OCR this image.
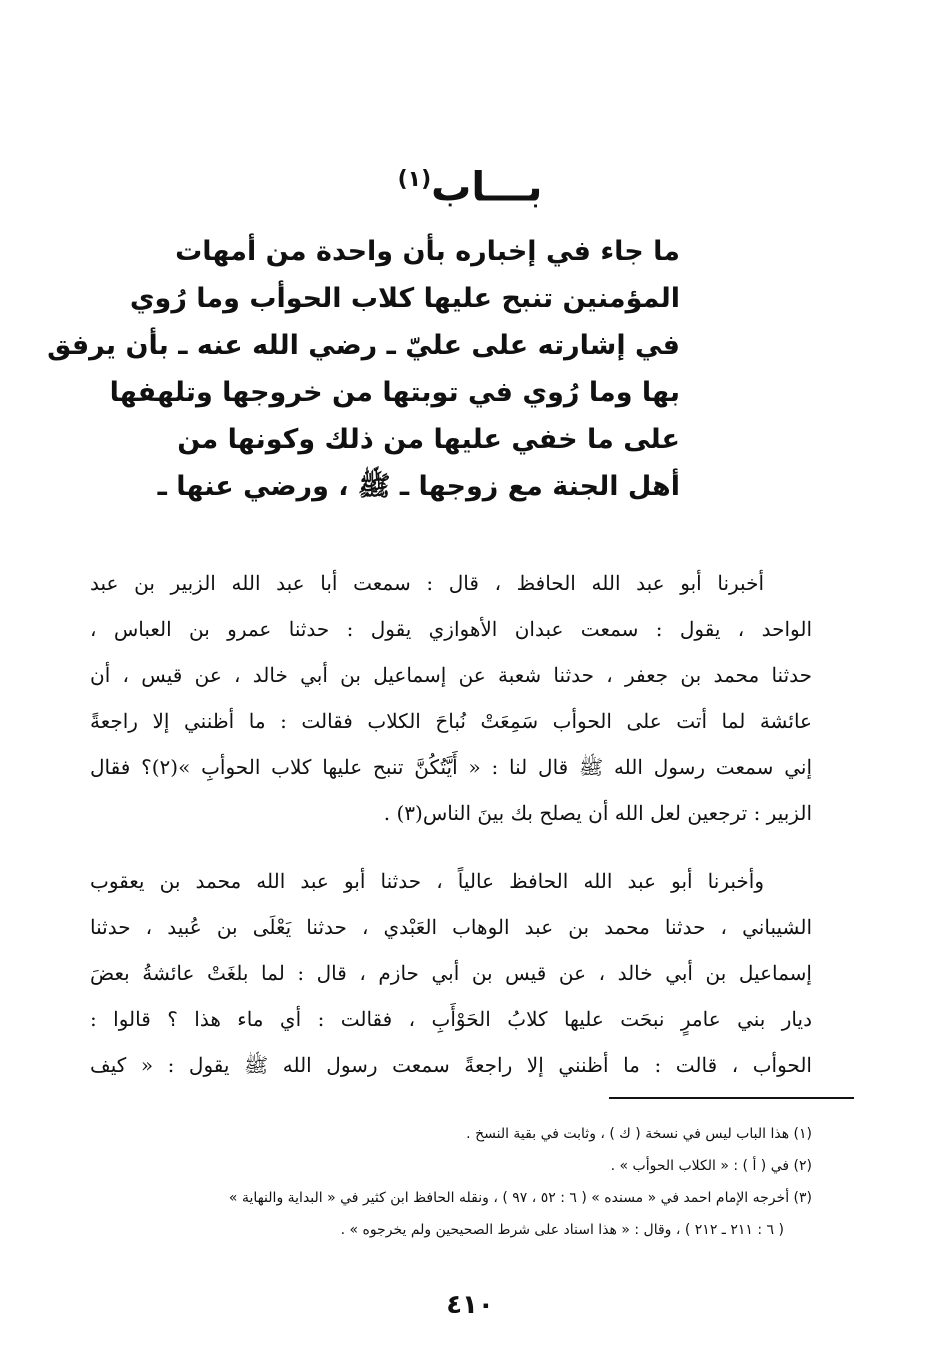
بـــاب$^{(١)}$
ما جاء في إخباره بأن واحدة من أمهات
المؤمنين تنبح عليها كلاب الحوأب وما رُوي
في إشارته على عليّ ـ رضي الله عنه ـ بأن يرفق
بها وما رُوي في توبتها من خروجها وتلهفها
على ما خفي عليها من ذلك وكونها من
أهل الجنة مع زوجها ـ ﷺ ، ورضي عنها ـ
أخبرنا أبو عبد الله الحافظ ، قال : سمعت أبا عبد الله الزبير بن عبد
الواحد ، يقول : سمعت عبدان الأهوازي يقول : حدثنا عمرو بن العباس ،
حدثنا محمد بن جعفر ، حدثنا شعبة عن إسماعيل بن أبي خالد ، عن قيس ، أن
عائشة لما أتت على الحوأب سَمِعَتْ نُباحَ الكلاب فقالت : ما أظنني إلا راجعةً
إني سمعت رسول الله ﷺ قال لنا : « أَيَّتُكُنَّ تنبح عليها كلاب الحوأبِ »(٢)؟ فقال
الزبير : ترجعين لعل الله أن يصلح بك بينَ الناس(٣) .
وأخبرنا أبو عبد الله الحافظ عالياً ، حدثنا أبو عبد الله محمد بن يعقوب
الشيباني ، حدثنا محمد بن عبد الوهاب العَبْدي ، حدثنا يَعْلَى بن عُبيد ، حدثنا
إسماعيل بن أبي خالد ، عن قيس بن أبي حازم ، قال : لما بلغَتْ عائشةُ بعضَ
ديار بني عامرٍ نبحَت عليها كلابُ الحَوْأَبِ ، فقالت : أي ماء هذا ؟ قالوا :
الحوأب ، قالت : ما أظنني إلا راجعةً سمعت رسول الله ﷺ يقول : « كيف
(١) هذا الباب ليس في نسخة ( ك ) ، وثابت في بقية النسخ .
(٢) في ( أ ) : « الكلاب الحوأب » .
(٣) أخرجه الإمام احمد في « مسنده » ( ٦ : ٥٢ ، ٩٧ ) ، ونقله الحافظ ابن كثير في « البداية والنهاية »
( ٦ : ٢١١ ـ ٢١٢ ) ، وقال : « هذا اسناد على شرط الصحيحين ولم يخرجوه » .
٤١٠
